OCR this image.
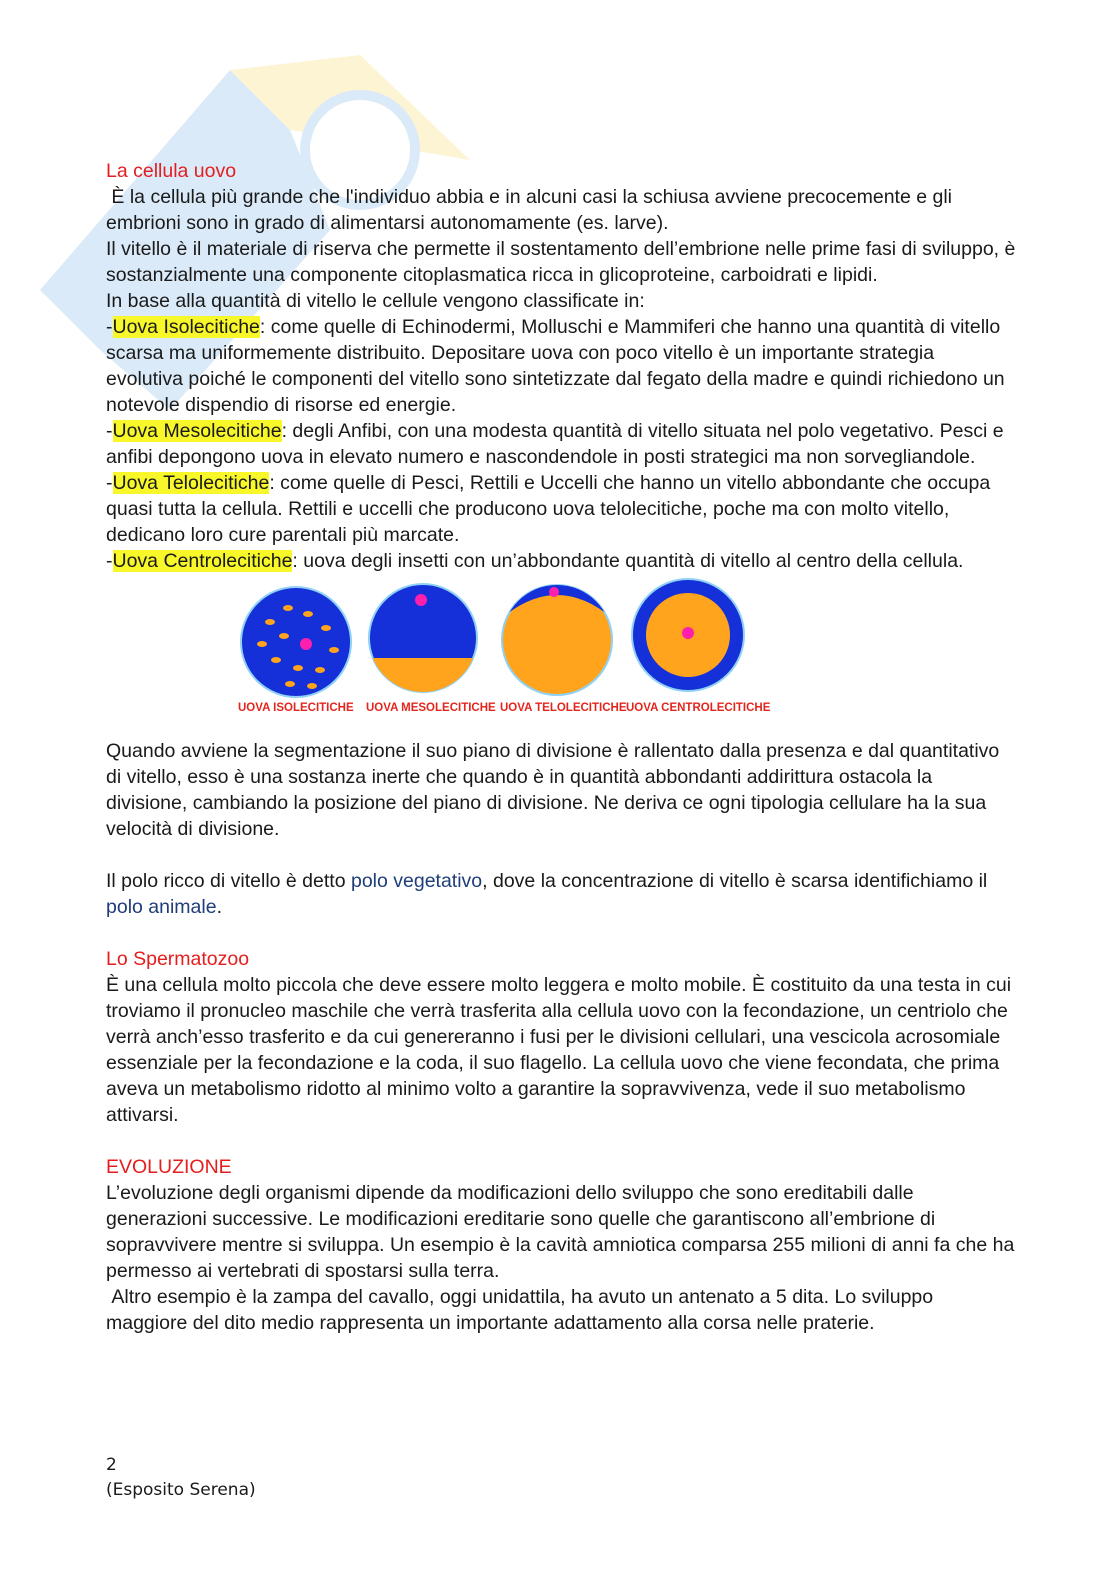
La cellula uovo

È la cellula più grande che l'individuo abbia e in alcuni casi la schiusa avviene precocemente e gli embrioni sono in grado di alimentarsi autonomamente (es. larve).

Il vitello è il materiale di riserva che permette il sostentamento dell’embrione nelle prime fasi di sviluppo, è sostanzialmente una componente citoplasmatica ricca in glicoproteine, carboidrati e lipidi.

In base alla quantità di vitello le cellule vengono classificate in:

-Uova Isolecitiche: come quelle di Echinodermi, Molluschi e Mammiferi che hanno una quantità di vitello scarsa ma uniformemente distribuito. Depositare uova con poco vitello è un importante strategia evolutiva poiché le componenti del vitello sono sintetizzate dal fegato della madre e quindi richiedono un notevole dispendio di risorse ed energie.

-Uova Mesolecitiche: degli Anfibi, con una modesta quantità di vitello situata nel polo vegetativo. Pesci e anfibi depongono uova in elevato numero e nascondendole in posti strategici ma non sorvegliandole.

-Uova Telolecitiche: come quelle di Pesci, Rettili e Uccelli che hanno un vitello abbondante che occupa quasi tutta la cellula. Rettili e uccelli che producono uova telolecitiche, poche ma con molto vitello, dedicano loro cure parentali più marcate.

-Uova Centrolecitiche: uova degli insetti con un’abbondante quantità di vitello al centro della cellula.

UOVA ISOLECITICHE UOVA MESOLECITICHE UOVA TELOLECITICHE UOVA CENTROLECITICHE

Quando avviene la segmentazione il suo piano di divisione è rallentato dalla presenza e dal quantitativo di vitello, esso è una sostanza inerte che quando è in quantità abbondanti addirittura ostacola la divisione, cambiando la posizione del piano di divisione. Ne deriva ce ogni tipologia cellulare ha la sua velocità di divisione.

Il polo ricco di vitello è detto polo vegetativo, dove la concentrazione di vitello è scarsa identifichiamo il polo animale.

Lo Spermatozoo

È una cellula molto piccola che deve essere molto leggera e molto mobile. È costituito da una testa in cui troviamo il pronucleo maschile che verrà trasferita alla cellula uovo con la fecondazione, un centriolo che verrà anch’esso trasferito e da cui genereranno i fusi per le divisioni cellulari, una vescicola acrosomiale essenziale per la fecondazione e la coda, il suo flagello. La cellula uovo che viene fecondata, che prima aveva un metabolismo ridotto al minimo volto a garantire la sopravvivenza, vede il suo metabolismo attivarsi.

EVOLUZIONE

L’evoluzione degli organismi dipende da modificazioni dello sviluppo che sono ereditabili dalle generazioni successive. Le modificazioni ereditarie sono quelle che garantiscono all’embrione di sopravvivere mentre si sviluppa. Un esempio è la cavità amniotica comparsa 255 milioni di anni fa che ha permesso ai vertebrati di spostarsi sulla terra.

Altro esempio è la zampa del cavallo, oggi unidattila, ha avuto un antenato a 5 dita. Lo sviluppo maggiore del dito medio rappresenta un importante adattamento alla corsa nelle praterie.

2
(Esposito Serena)
